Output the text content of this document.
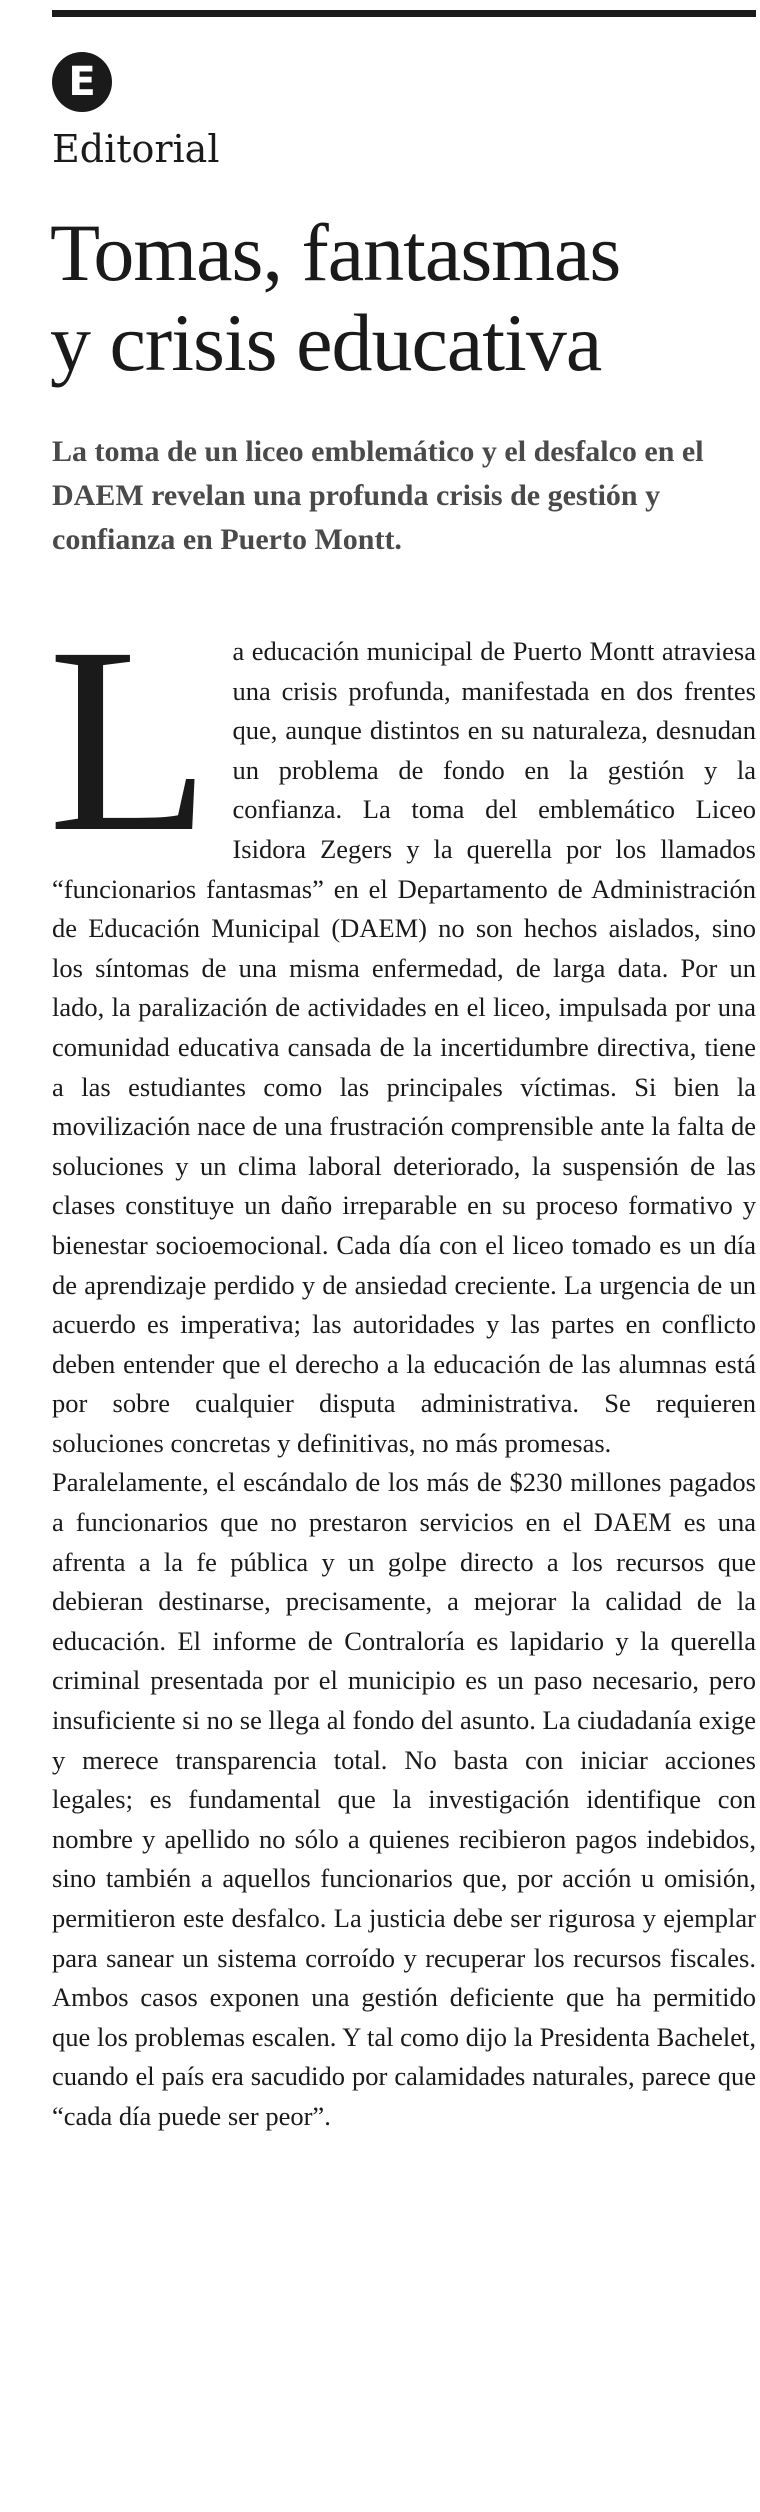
E
Editorial
Tomas, fantasmas
y crisis educativa

La toma de un liceo emblemático y el desfalco en el DAEM revelan una profunda crisis de gestión y confianza en Puerto Montt.

La educación municipal de Puerto Montt atraviesa una crisis profunda, manifestada en dos frentes que, aunque distintos en su naturaleza, desnudan un problema de fondo en la gestión y la confianza. La toma del emblemático Liceo Isidora Zegers y la querella por los llamados “funcionarios fantasmas” en el Departamento de Administración de Educación Municipal (DAEM) no son hechos aislados, sino los síntomas de una misma enfermedad, de larga data. Por un lado, la paralización de actividades en el liceo, impulsada por una comunidad educativa cansada de la incertidumbre directiva, tiene a las estudiantes como las principales víctimas. Si bien la movilización nace de una frustración comprensible ante la falta de soluciones y un clima laboral deteriorado, la suspensión de las clases constituye un daño irreparable en su proceso formativo y bienestar socioemocional. Cada día con el liceo tomado es un día de aprendizaje perdido y de ansiedad creciente. La urgencia de un acuerdo es imperativa; las autoridades y las partes en conflicto deben entender que el derecho a la educación de las alumnas está por sobre cualquier disputa administrativa. Se requieren soluciones concretas y definitivas, no más promesas.

Paralelamente, el escándalo de los más de $230 millones pagados a funcionarios que no prestaron servicios en el DAEM es una afrenta a la fe pública y un golpe directo a los recursos que debieran destinarse, precisamente, a mejorar la calidad de la educación. El informe de Contraloría es lapidario y la querella criminal presentada por el municipio es un paso necesario, pero insuficiente si no se llega al fondo del asunto. La ciudadanía exige y merece transparencia total. No basta con iniciar acciones legales; es fundamental que la investigación identifique con nombre y apellido no sólo a quienes recibieron pagos indebidos, sino también a aquellos funcionarios que, por acción u omisión, permitieron este desfalco. La justicia debe ser rigurosa y ejemplar para sanear un sistema corroído y recuperar los recursos fiscales. Ambos casos exponen una gestión deficiente que ha permitido que los problemas escalen. Y tal como dijo la Presidenta Bachelet, cuando el país era sacudido por calamidades naturales, parece que “cada día puede ser peor”.
